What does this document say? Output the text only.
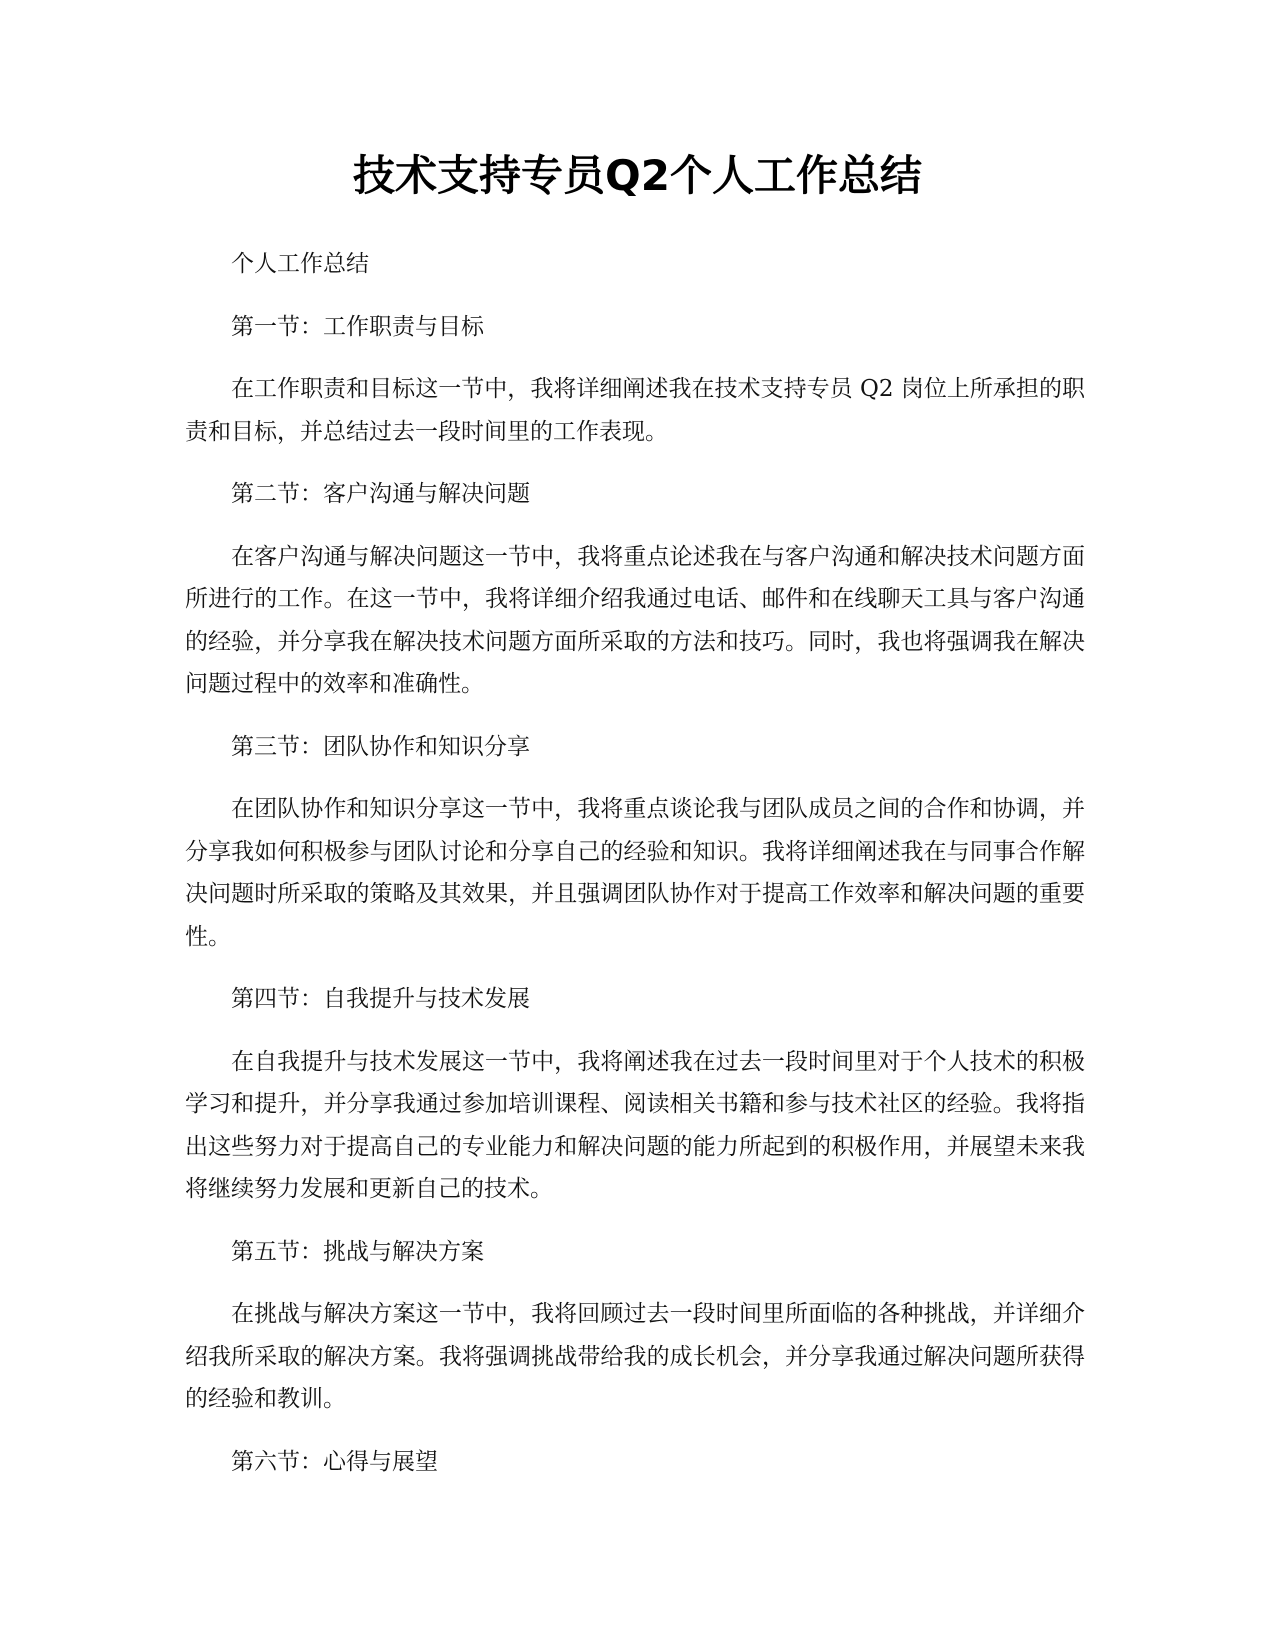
技术支持专员Q2个人工作总结

个人工作总结

第一节：工作职责与目标

在工作职责和目标这一节中，我将详细阐述我在技术支持专员 Q2 岗位上所承担的职责和目标，并总结过去一段时间里的工作表现。

第二节：客户沟通与解决问题

在客户沟通与解决问题这一节中，我将重点论述我在与客户沟通和解决技术问题方面所进行的工作。在这一节中，我将详细介绍我通过电话、邮件和在线聊天工具与客户沟通的经验，并分享我在解决技术问题方面所采取的方法和技巧。同时，我也将强调我在解决问题过程中的效率和准确性。

第三节：团队协作和知识分享

在团队协作和知识分享这一节中，我将重点谈论我与团队成员之间的合作和协调，并分享我如何积极参与团队讨论和分享自己的经验和知识。我将详细阐述我在与同事合作解决问题时所采取的策略及其效果，并且强调团队协作对于提高工作效率和解决问题的重要性。

第四节：自我提升与技术发展

在自我提升与技术发展这一节中，我将阐述我在过去一段时间里对于个人技术的积极学习和提升，并分享我通过参加培训课程、阅读相关书籍和参与技术社区的经验。我将指出这些努力对于提高自己的专业能力和解决问题的能力所起到的积极作用，并展望未来我将继续努力发展和更新自己的技术。

第五节：挑战与解决方案

在挑战与解决方案这一节中，我将回顾过去一段时间里所面临的各种挑战，并详细介绍我所采取的解决方案。我将强调挑战带给我的成长机会，并分享我通过解决问题所获得的经验和教训。

第六节：心得与展望
